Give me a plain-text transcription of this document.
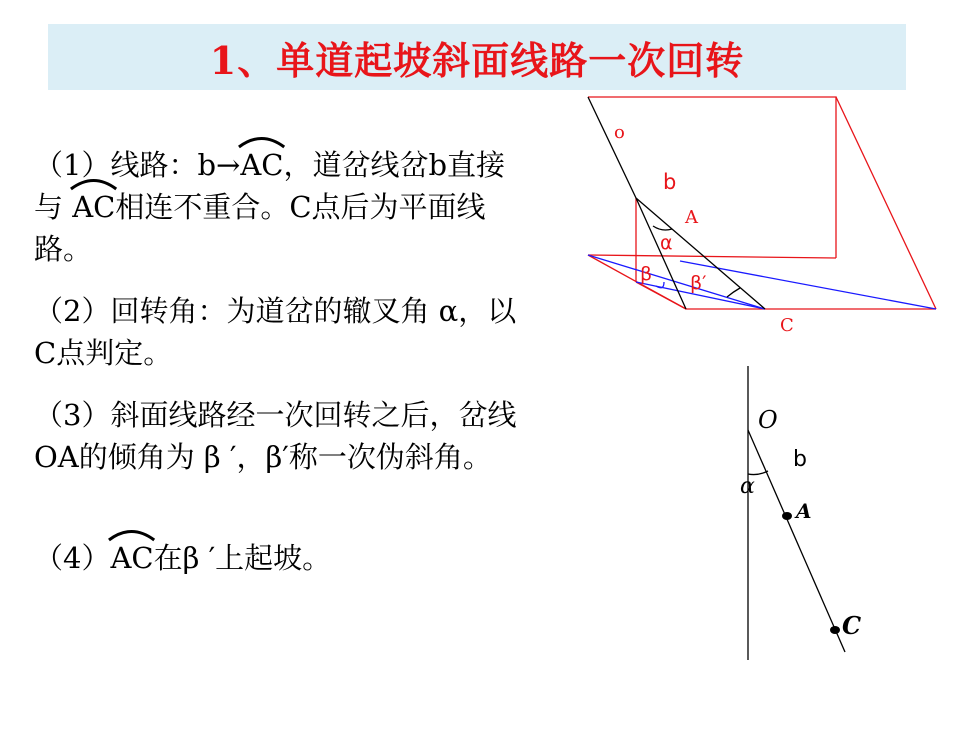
1、单道起坡斜面线路一次回转
（1）线路：b→
AC，道岔线岔b直接与
AC相连不重合。C点后为平面线路。
（2）回转角：为道岔的辙叉角 α，以C点判定。
（3）斜面线路经一次回转之后，岔线OA的倾角为 β ′，β′称一次伪斜角。
（4）
AC在β ′上起坡。
o
b
A
α
β β′
C
O
b
α
A
C
